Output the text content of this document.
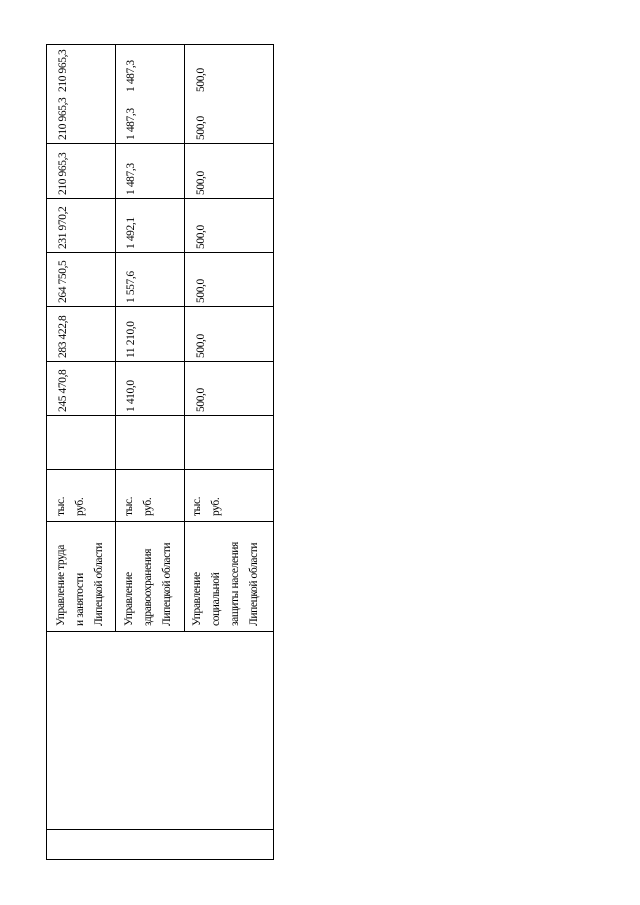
Управление труда и занятости Липецкой области
тыс. руб.
245 470,8
283 422,8
264 750,5
231 970,2
210 965,3
210 965,3
210 965,3
Управление здравоохранения Липецкой области
тыс. руб.
1 410,0
11 210,0
1 557,6
1 492,1
1 487,3
1 487,3
1 487,3
Управление социальной защиты населения Липецкой области
тыс. руб.
500,0
500,0
500,0
500,0
500,0
500,0
500,0
